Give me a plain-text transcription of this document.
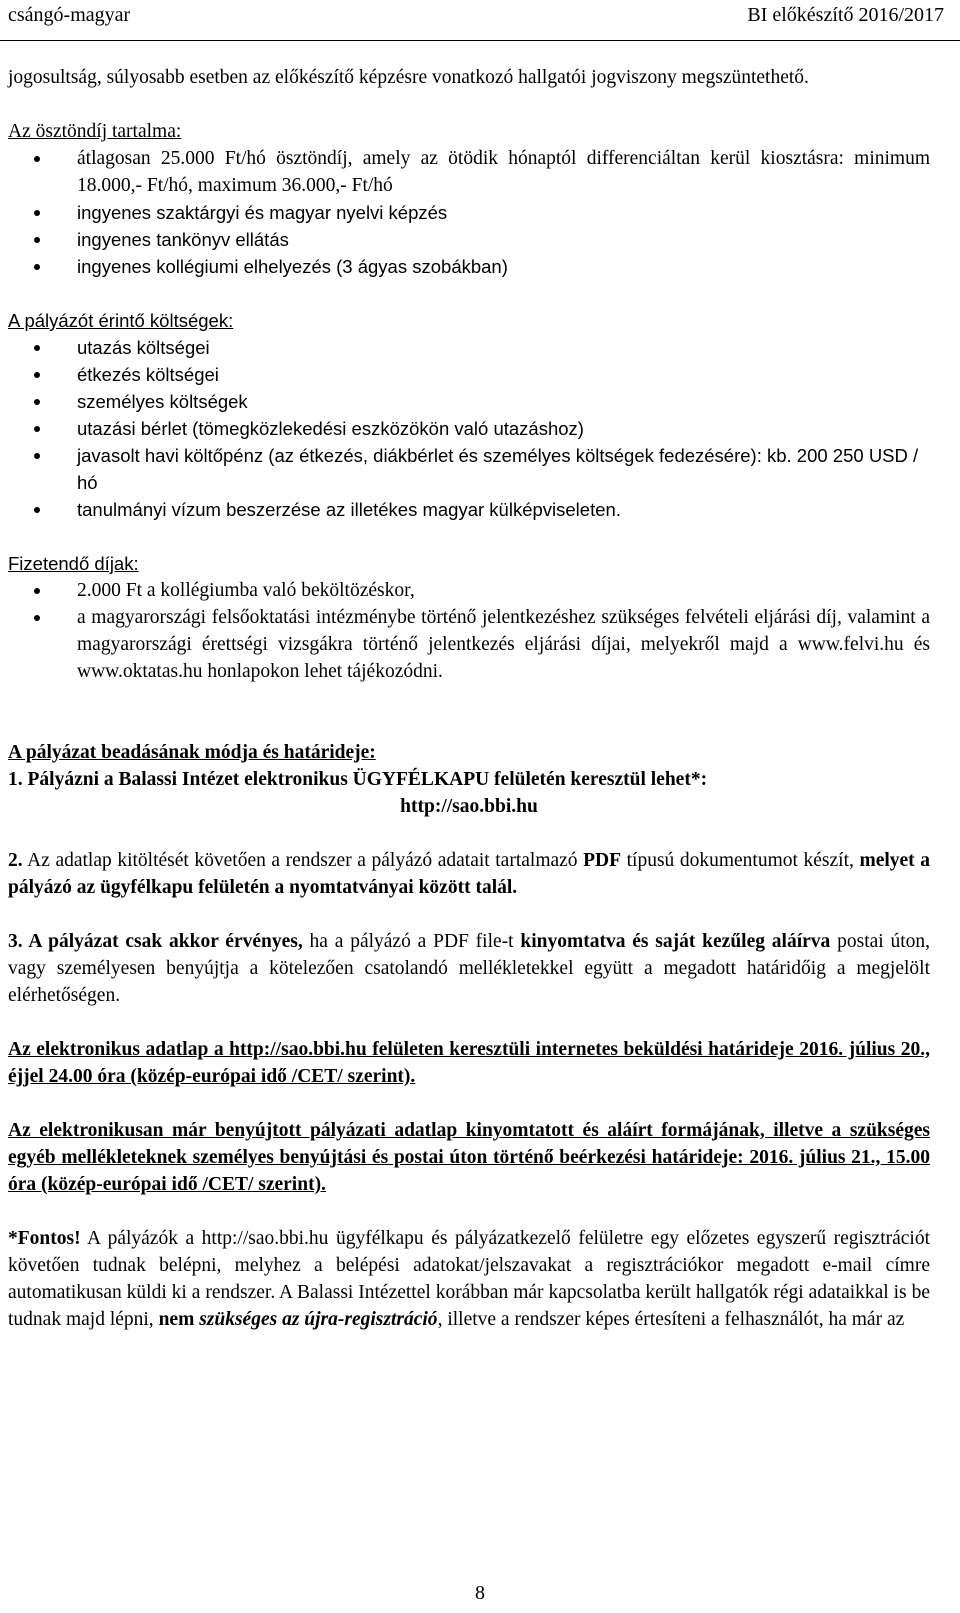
csángó-magyar	BI előkészítő 2016/2017

jogosultság, súlyosabb esetben az előkészítő képzésre vonatkozó hallgatói jogviszony megszüntethető.

Az ösztöndíj tartalma:

átlagosan 25.000 Ft/hó ösztöndíj, amely az ötödik hónaptól differenciáltan kerül kiosztásra: minimum 18.000,- Ft/hó, maximum 36.000,- Ft/hó
ingyenes szaktárgyi és magyar nyelvi képzés
ingyenes tankönyv ellátás
ingyenes kollégiumi elhelyezés (3 ágyas szobákban)

A pályázót érintő költségek:

utazás költségei
étkezés költségei
személyes költségek
utazási bérlet (tömegközlekedési eszközökön való utazáshoz)
javasolt havi költőpénz (az étkezés, diákbérlet és személyes költségek fedezésére): kb. 200 250 USD / hó
tanulmányi vízum beszerzése az illetékes magyar külképviseleten.

Fizetendő díjak:

2.000 Ft a kollégiumba való beköltözéskor,
a magyarországi felsőoktatási intézménybe történő jelentkezéshez szükséges felvételi eljárási díj, valamint a magyarországi érettségi vizsgákra történő jelentkezés eljárási díjai, melyekről majd a www.felvi.hu és www.oktatas.hu honlapokon lehet tájékozódni.

A pályázat beadásának módja és határideje:

1. Pályázni a Balassi Intézet elektronikus ÜGYFÉLKAPU felületén keresztül lehet*:

http://sao.bbi.hu

2. Az adatlap kitöltését követően a rendszer a pályázó adatait tartalmazó PDF típusú dokumentumot készít, melyet a pályázó az ügyfélkapu felületén a nyomtatványai között talál.

3. A pályázat csak akkor érvényes, ha a pályázó a PDF file-t kinyomtatva és saját kezűleg aláírva postai úton, vagy személyesen benyújtja a kötelezően csatolandó mellékletekkel együtt a megadott határidőig a megjelölt elérhetőségen.

Az elektronikus adatlap a http://sao.bbi.hu felületen keresztüli internetes beküldési határideje 2016. július 20., éjjel 24.00 óra (közép-európai idő /CET/ szerint).

Az elektronikusan már benyújtott pályázati adatlap kinyomtatott és aláírt formájának, illetve a szükséges egyéb mellékleteknek személyes benyújtási és postai úton történő beérkezési határideje: 2016. július 21., 15.00 óra (közép-európai idő /CET/ szerint).

*Fontos! A pályázók a http://sao.bbi.hu ügyfélkapu és pályázatkezelő felületre egy előzetes egyszerű regisztrációt követően tudnak belépni, melyhez a belépési adatokat/jelszavakat a regisztrációkor megadott e-mail címre automatikusan küldi ki a rendszer. A Balassi Intézettel korábban már kapcsolatba került hallgatók régi adataikkal is be tudnak majd lépni, nem szükséges az újra-regisztráció, illetve a rendszer képes értesíteni a felhasználót, ha már az

8
